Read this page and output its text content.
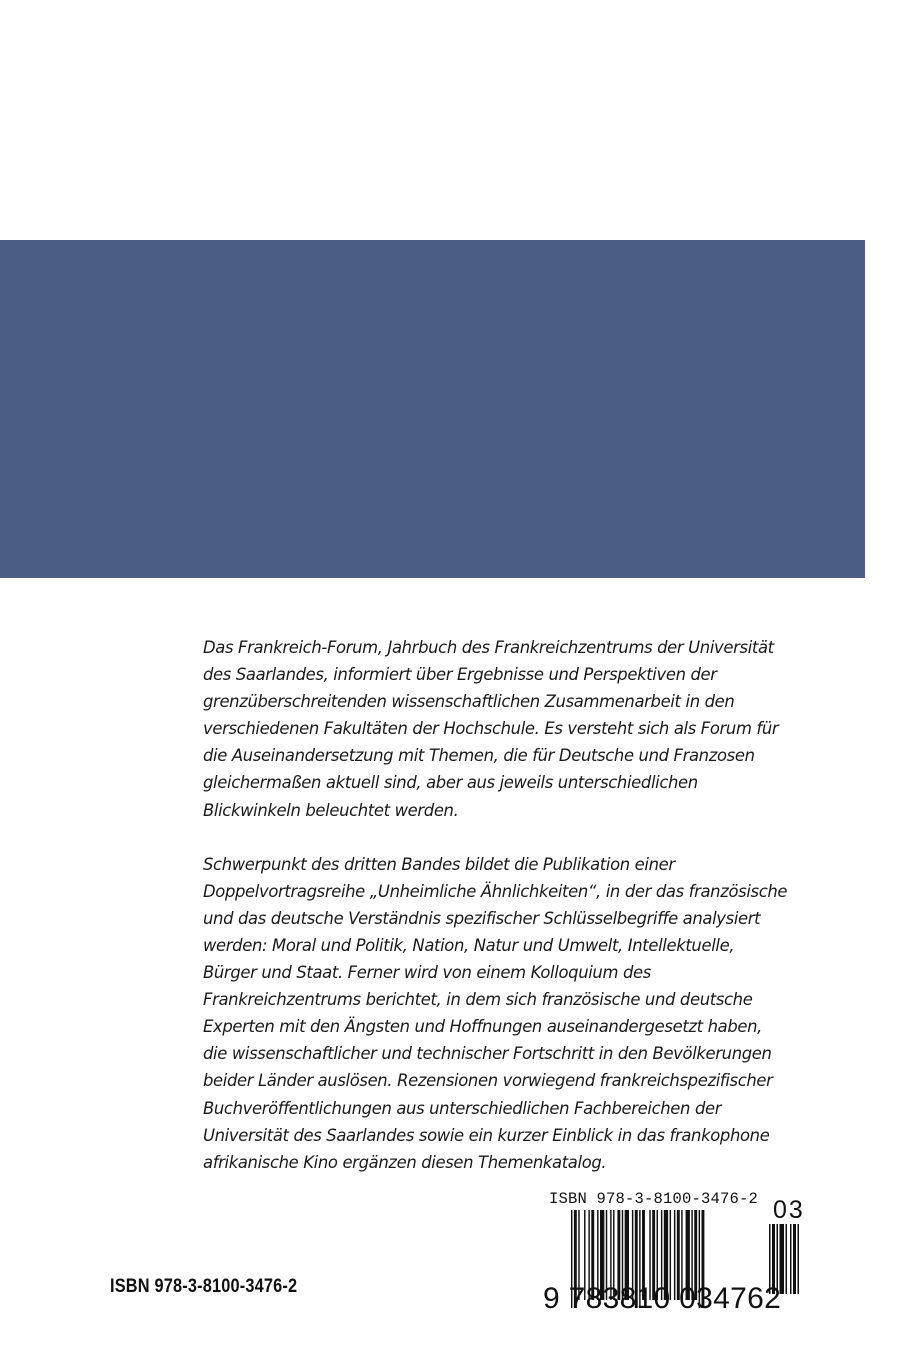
Das Frankreich-Forum, Jahrbuch des Frankreichzentrums der Universität
des Saarlandes, informiert über Ergebnisse und Perspektiven der
grenzüberschreitenden wissenschaftlichen Zusammenarbeit in den
verschiedenen Fakultäten der Hochschule. Es versteht sich als Forum für
die Auseinandersetzung mit Themen, die für Deutsche und Franzosen
gleichermaßen aktuell sind, aber aus jeweils unterschiedlichen
Blickwinkeln beleuchtet werden.
Schwerpunkt des dritten Bandes bildet die Publikation einer
Doppelvortragsreihe „Unheimliche Ähnlichkeiten“, in der das französische
und das deutsche Verständnis spezifischer Schlüsselbegriffe analysiert
werden: Moral und Politik, Nation, Natur und Umwelt, Intellektuelle,
Bürger und Staat. Ferner wird von einem Kolloquium des
Frankreichzentrums berichtet, in dem sich französische und deutsche
Experten mit den Ängsten und Hoffnungen auseinandergesetzt haben,
die wissenschaftlicher und technischer Fortschritt in den Bevölkerungen
beider Länder auslösen. Rezensionen vorwiegend frankreichspezifischer
Buchveröffentlichungen aus unterschiedlichen Fachbereichen der
Universität des Saarlandes sowie ein kurzer Einblick in das frankophone
afrikanische Kino ergänzen diesen Themenkatalog.
ISBN 978-3-8100-3476-2 03
9 783810 034762
ISBN 978-3-8100-3476-2
